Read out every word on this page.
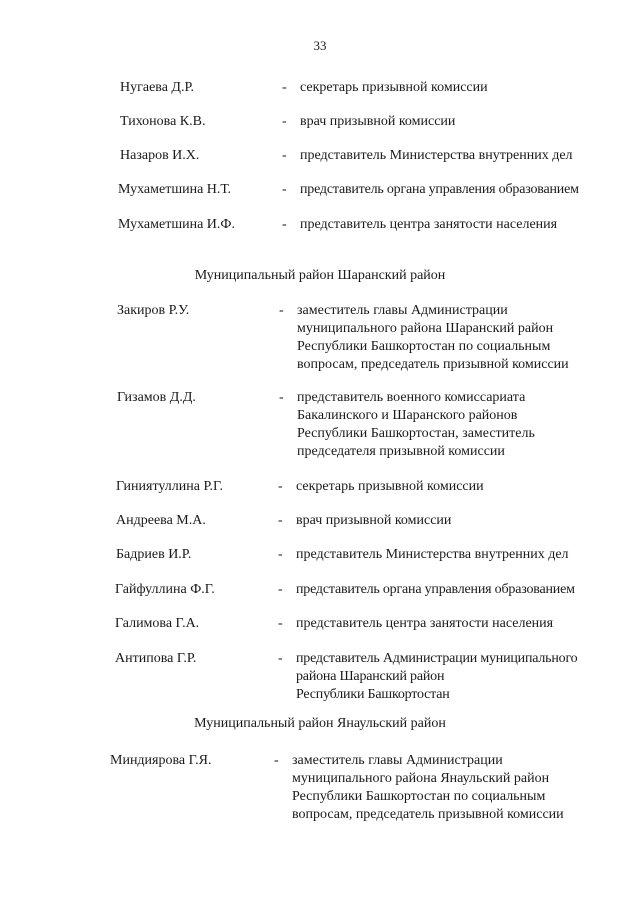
33
Нугаева Д.Р.	- секретарь призывной комиссии
Тихонова К.В.	- врач призывной комиссии
Назаров И.Х.	- представитель Министерства внутренних дел
Мухаметшина Н.Т.	- представитель органа управления образованием
Мухаметшина И.Ф.	- представитель центра занятости населения
Муниципальный район Шаранский район
Закиров Р.У.	- заместитель главы Администрации
муниципального района Шаранский район
Республики Башкортостан по социальным
вопросам, председатель призывной комиссии
Гизамов Д.Д.	- представитель военного комиссариата
Бакалинского и Шаранского районов
Республики Башкортостан, заместитель
председателя призывной комиссии
Гиниятуллина Р.Г.	- секретарь призывной комиссии
Андреева М.А.	- врач призывной комиссии
Бадриев И.Р.	- представитель Министерства внутренних дел
Гайфуллина Ф.Г.	- представитель органа управления образованием
Галимова Г.А.	- представитель центра занятости населения
Антипова Г.Р.	- представитель Администрации муниципального
района Шаранский район
Республики Башкортостан
Муниципальный район Янаульский район
Миндиярова Г.Я.	- заместитель главы Администрации
муниципального района Янаульский район
Республики Башкортостан по социальным
вопросам, председатель призывной комиссии
